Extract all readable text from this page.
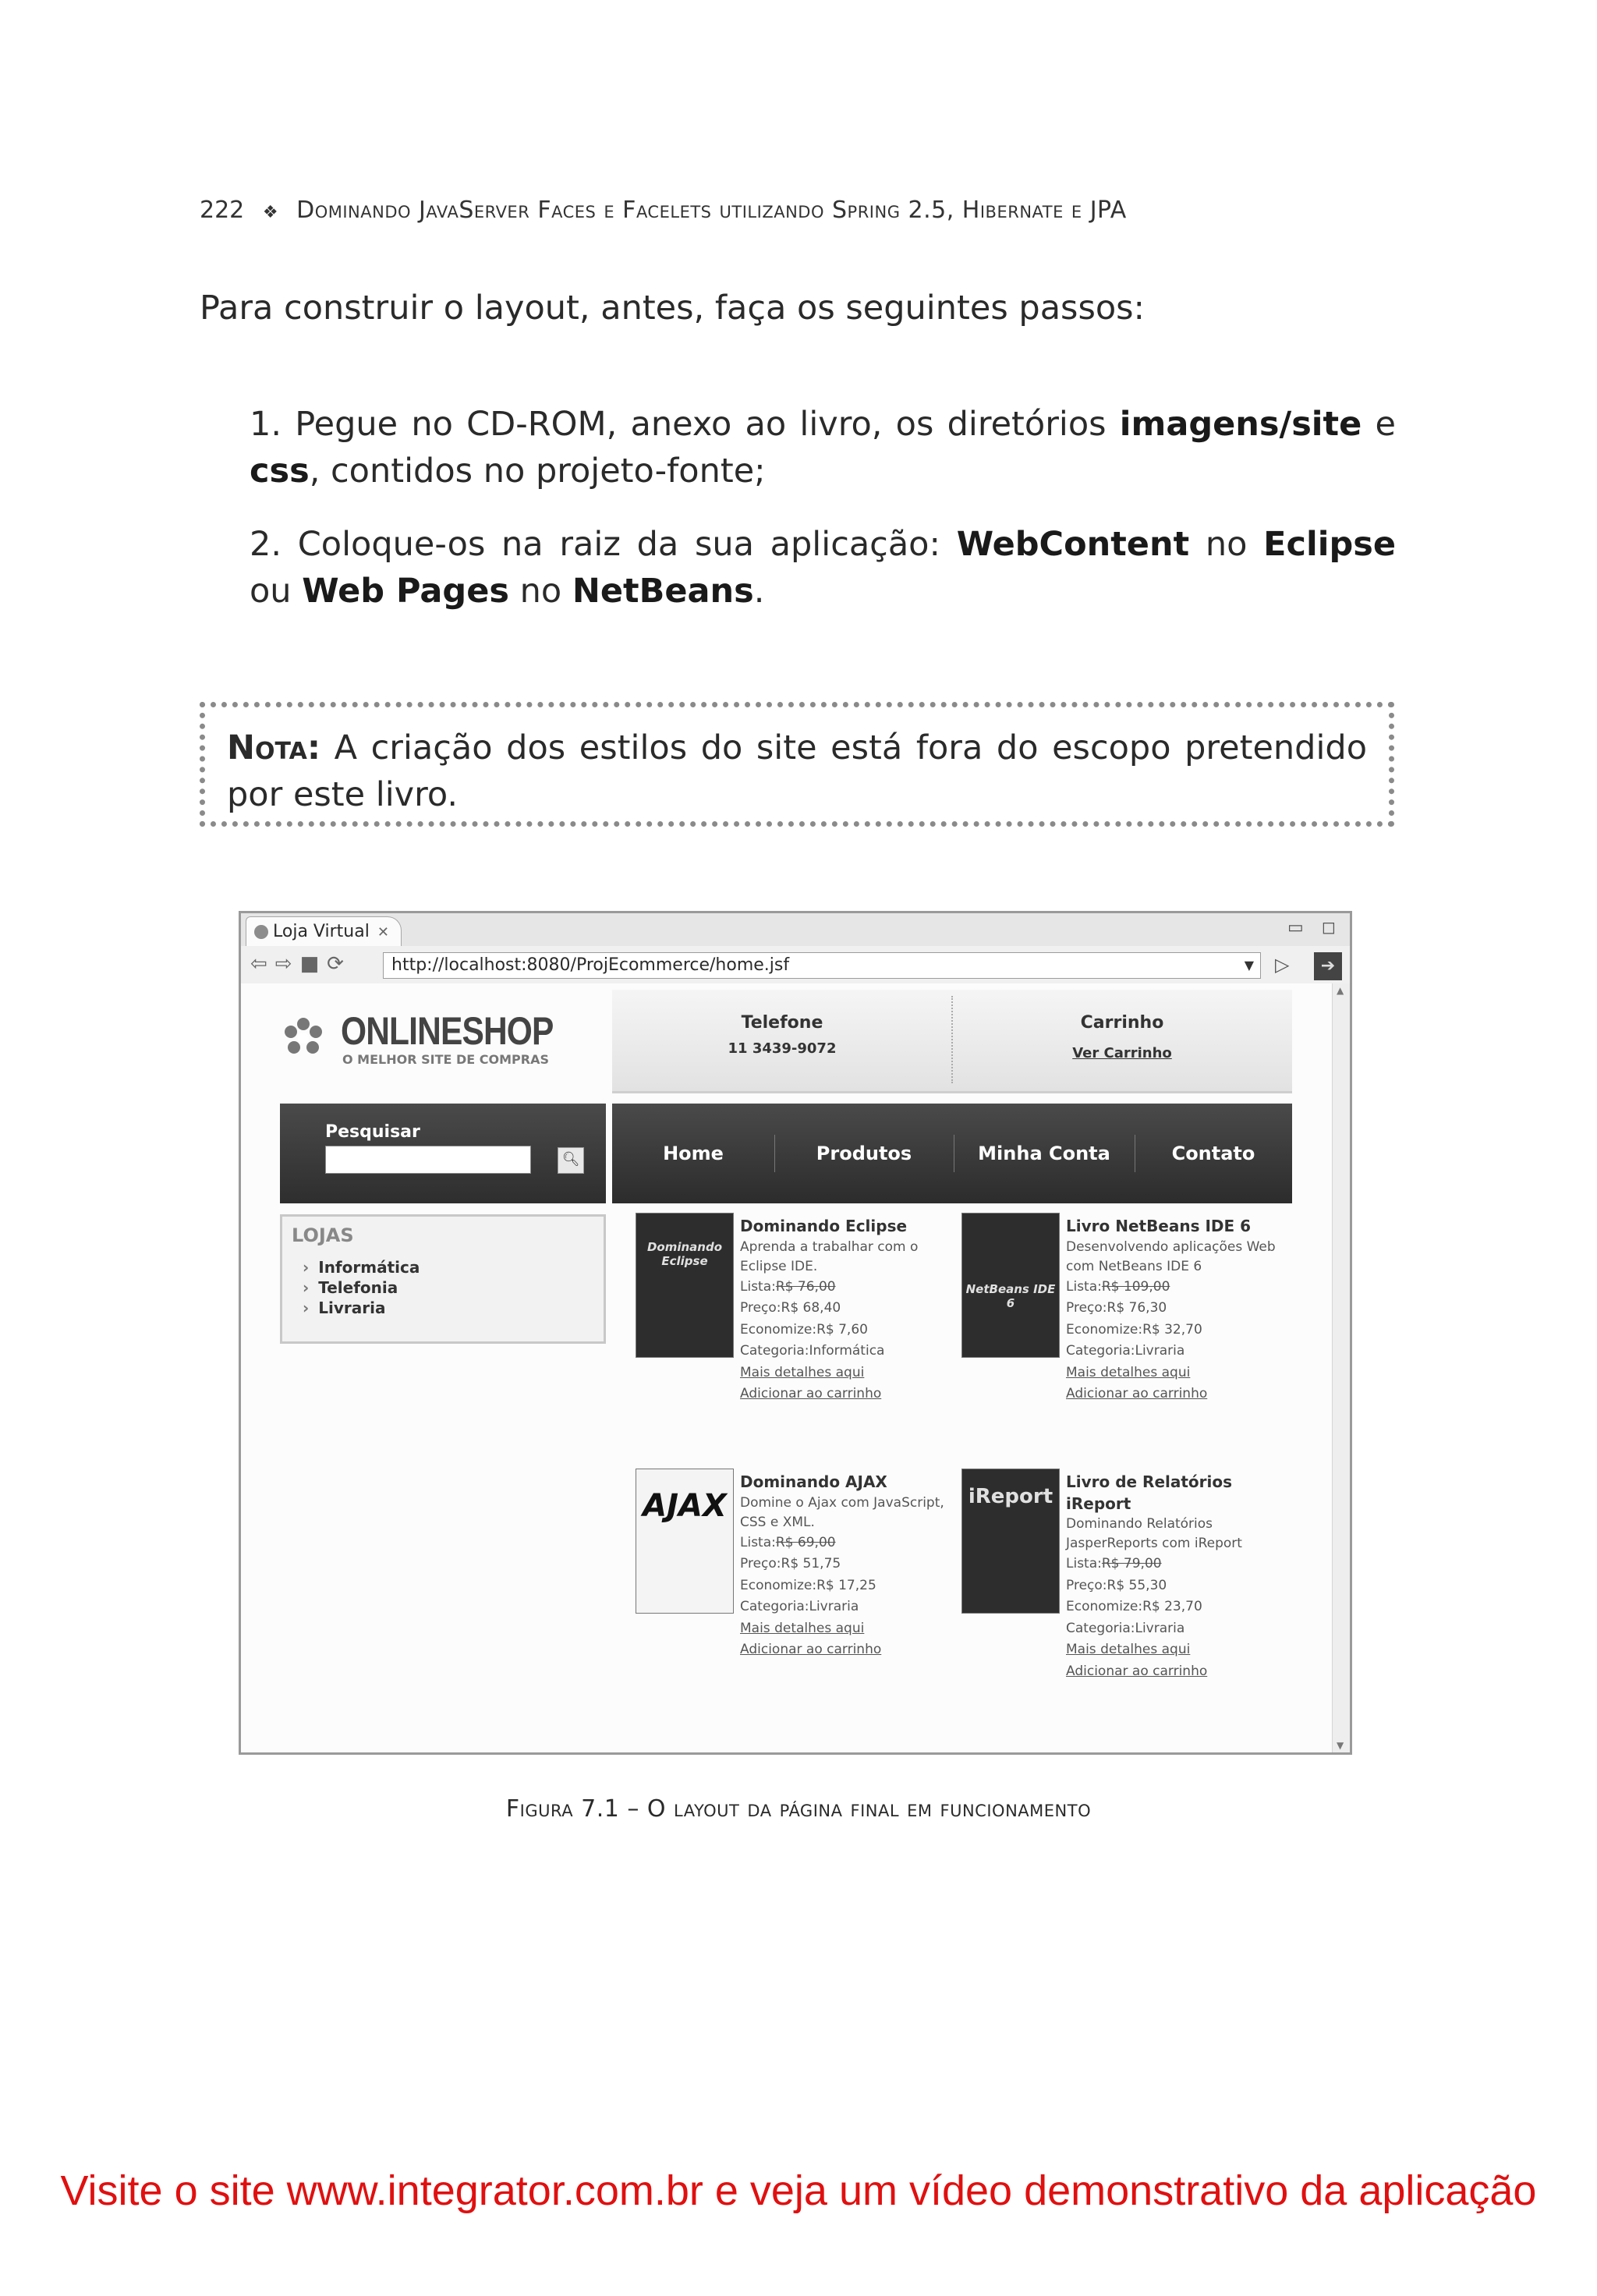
222 ❖ Dominando JavaServer Faces e Facelets utilizando Spring 2.5, Hibernate e JPA
Para construir o layout, antes, faça os seguintes passos:
1. Pegue no CD-ROM, anexo ao livro, os diretórios imagens/site e css, contidos no projeto-fonte;
2. Coloque-os na raiz da sua aplicação: WebContent no Eclipse ou Web Pages no NetBeans.
Nota: A criação dos estilos do site está fora do escopo pretendido por este livro.
Loja Virtual ✕	▭ ◻
⇦⇨■⟳	http://localhost:8080/ProjEcommerce/home.jsf	▼ ▷	➔
ONLINESHOP
O MELHOR SITE DE COMPRAS
Telefone
11 3439-9072
Carrinho
Ver Carrinho
Pesquisar
🔍︎	Home	Produtos	Minha Conta	Contato
LOJAS
› Informática
› Telefonia
› Livraria
Dominando Eclipse
Dominando Eclipse
Aprenda a trabalhar com o Eclipse IDE.
Lista:R$ 76,00
Preço:R$ 68,40
Economize:R$ 7,60
Categoria:Informática
Mais detalhes aqui
Adicionar ao carrinho
NetBeans IDE 6
Livro NetBeans IDE 6
Desenvolvendo aplicações Web com NetBeans IDE 6
Lista:R$ 109,00
Preço:R$ 76,30
Economize:R$ 32,70
Categoria:Livraria
Mais detalhes aqui
Adicionar ao carrinho
AJAX
Dominando AJAX
Domine o Ajax com JavaScript, CSS e XML.
Lista:R$ 69,00
Preço:R$ 51,75
Economize:R$ 17,25
Categoria:Livraria
Mais detalhes aqui
Adicionar ao carrinho
iReport
Livro de Relatórios iReport
Dominando Relatórios JasperReports com iReport
Lista:R$ 79,00
Preço:R$ 55,30
Economize:R$ 23,70
Categoria:Livraria
Mais detalhes aqui
Adicionar ao carrinho
▲
▼
Figura 7.1 – O layout da página final em funcionamento
Visite o site www.integrator.com.br e veja um vídeo demonstrativo da aplicação
